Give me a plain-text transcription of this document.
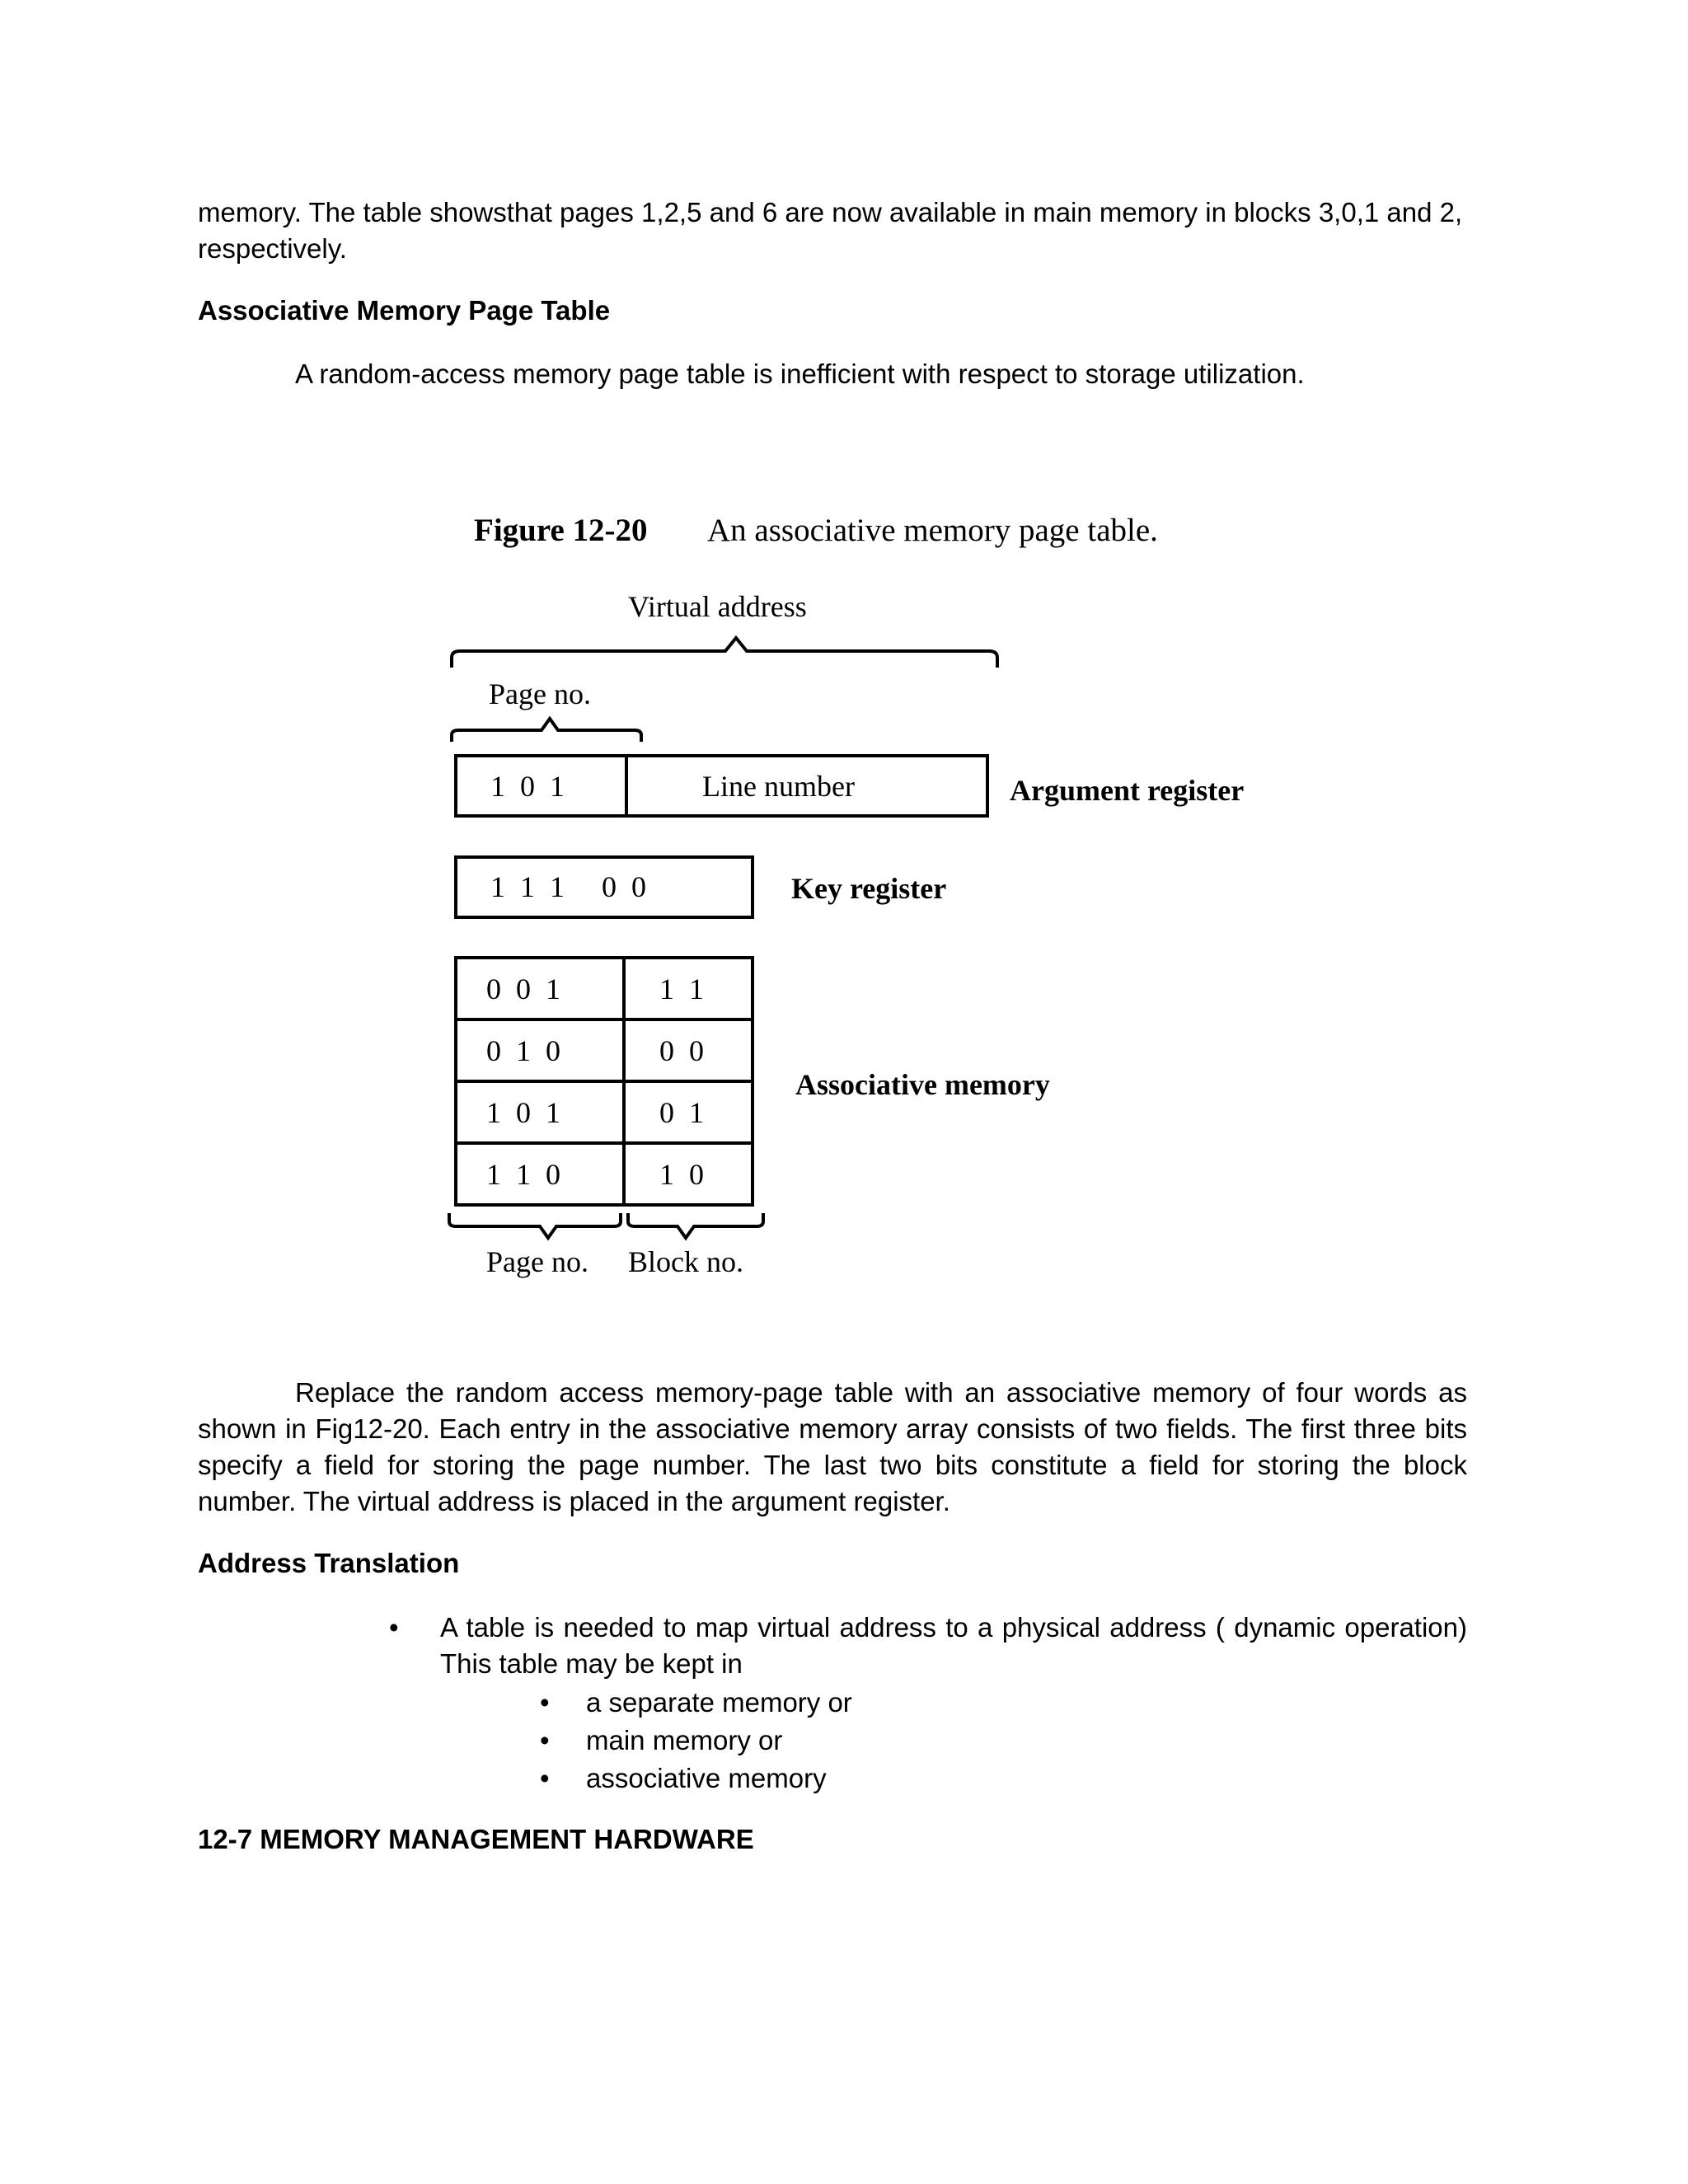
memory. The table showsthat pages 1,2,5 and 6 are now available in main memory in blocks 3,0,1 and 2,

respectively.

Associative Memory Page Table

A random-access memory page table is inefficient with respect to storage utilization.

Figure 12-20 An associative memory page table.
Virtual address
Page no.
1  0  1	Line number	Argument register
1  1  1     0  0	Key register
0  0  1	1  1
0  1  0	0  0
1  0  1	0  1
1  1  0	1  0
Associative memory
Page no. Block no.

Replace the random access memory-page table with an associative memory of four words as shown in Fig12-20. Each entry in the associative memory array consists of two fields. The first three bits specify a field for storing the page number. The last two bits constitute a field for storing the block number. The virtual address is placed in the argument register.

Address Translation
• A table is needed to map virtual address to a physical address ( dynamic operation) This table may be kept in
• a separate memory or
• main memory or
• associative memory
12-7 MEMORY MANAGEMENT HARDWARE
